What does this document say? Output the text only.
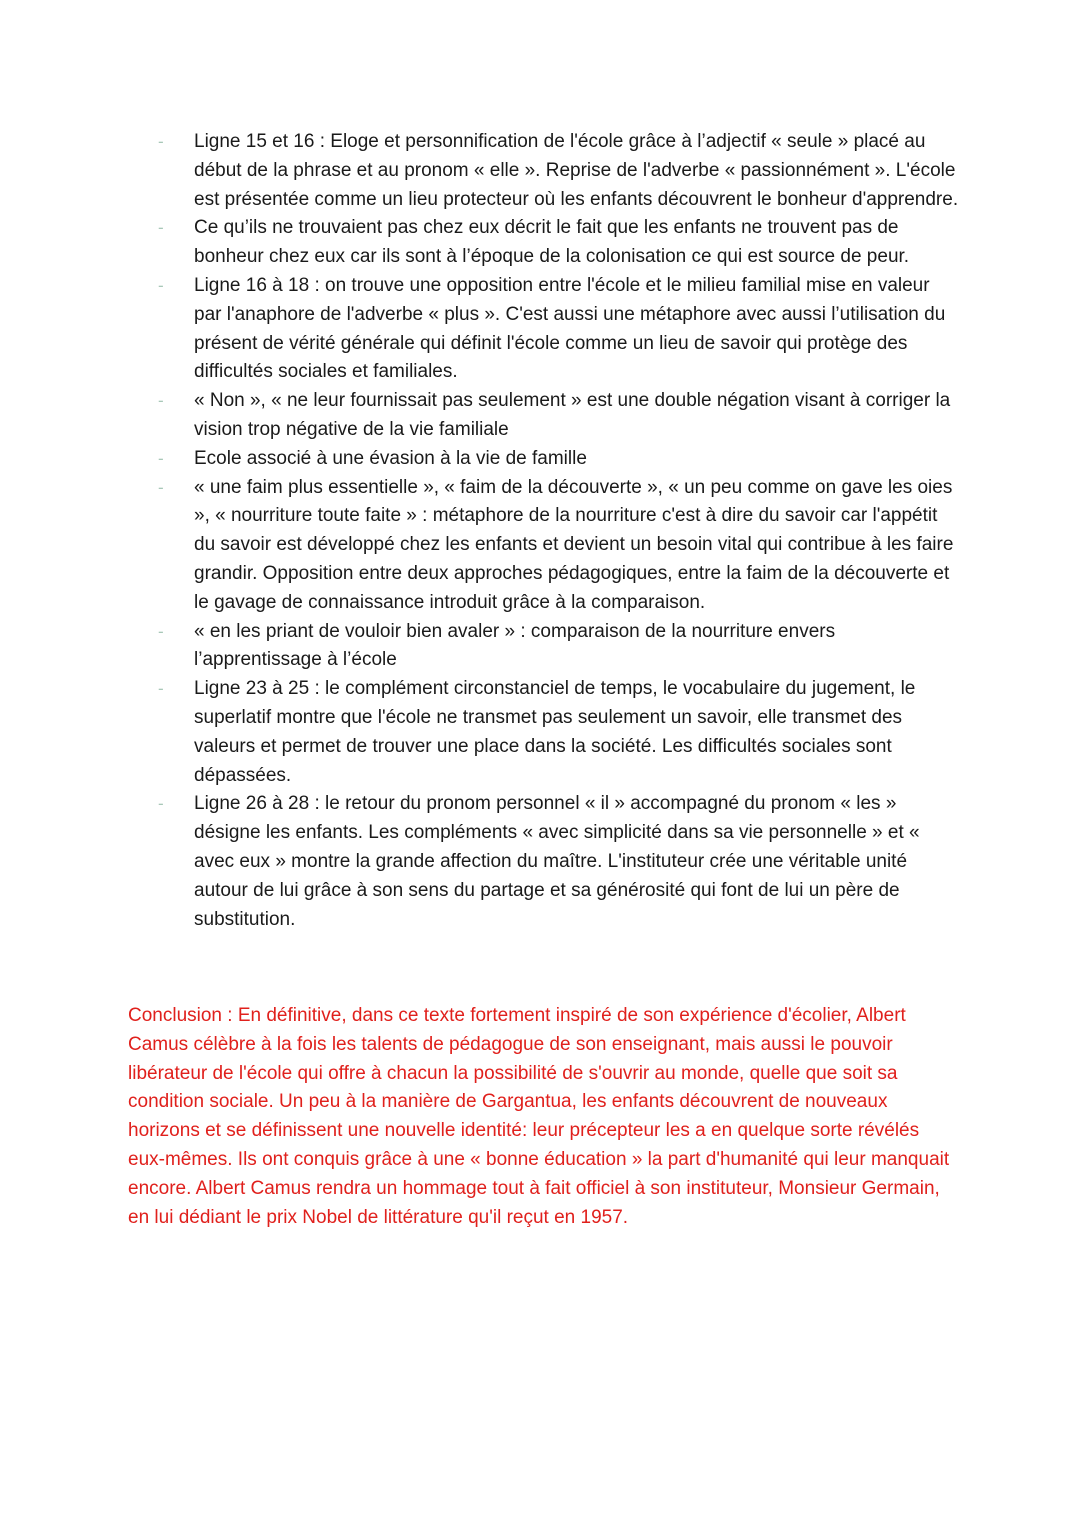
- Ligne 15 et 16 : Eloge et personnification de l'école grâce à l’adjectif « seule » placé au début de la phrase et au pronom « elle ». Reprise de l'adverbe « passionnément ». L'école est présentée comme un lieu protecteur où les enfants découvrent le bonheur d'apprendre.
- Ce qu’ils ne trouvaient pas chez eux décrit le fait que les enfants ne trouvent pas de bonheur chez eux car ils sont à l’époque de la colonisation ce qui est source de peur.
- Ligne 16 à 18 : on trouve une opposition entre l'école et le milieu familial mise en valeur par l'anaphore de l'adverbe « plus ». C'est aussi une métaphore avec aussi l’utilisation du présent de vérité générale qui définit l'école comme un lieu de savoir qui protège des difficultés sociales et familiales.
- « Non », « ne leur fournissait pas seulement » est une double négation visant à corriger la vision trop négative de la vie familiale
- Ecole associé à une évasion à la vie de famille
- « une faim plus essentielle », « faim de la découverte », « un peu comme on gave les oies », « nourriture toute faite » : métaphore de la nourriture c'est à dire du savoir car l'appétit du savoir est développé chez les enfants et devient un besoin vital qui contribue à les faire grandir. Opposition entre deux approches pédagogiques, entre la faim de la découverte et le gavage de connaissance introduit grâce à la comparaison.
- « en les priant de vouloir bien avaler » : comparaison de la nourriture envers l’apprentissage à l’école
- Ligne 23 à 25 : le complément circonstanciel de temps, le vocabulaire du jugement, le superlatif montre que l'école ne transmet pas seulement un savoir, elle transmet des valeurs et permet de trouver une place dans la société. Les difficultés sociales sont dépassées.
- Ligne 26 à 28 : le retour du pronom personnel « il » accompagné du pronom « les » désigne les enfants. Les compléments « avec simplicité dans sa vie personnelle » et « avec eux » montre la grande affection du maître. L'instituteur crée une véritable unité autour de lui grâce à son sens du partage et sa générosité qui font de lui un père de substitution.

Conclusion : En définitive, dans ce texte fortement inspiré de son expérience d'écolier, Albert Camus célèbre à la fois les talents de pédagogue de son enseignant, mais aussi le pouvoir libérateur de l'école qui offre à chacun la possibilité de s'ouvrir au monde, quelle que soit sa condition sociale. Un peu à la manière de Gargantua, les enfants découvrent de nouveaux horizons et se définissent une nouvelle identité: leur précepteur les a en quelque sorte révélés eux-mêmes. Ils ont conquis grâce à une « bonne éducation » la part d'humanité qui leur manquait encore. Albert Camus rendra un hommage tout à fait officiel à son instituteur, Monsieur Germain, en lui dédiant le prix Nobel de littérature qu'il reçut en 1957.
